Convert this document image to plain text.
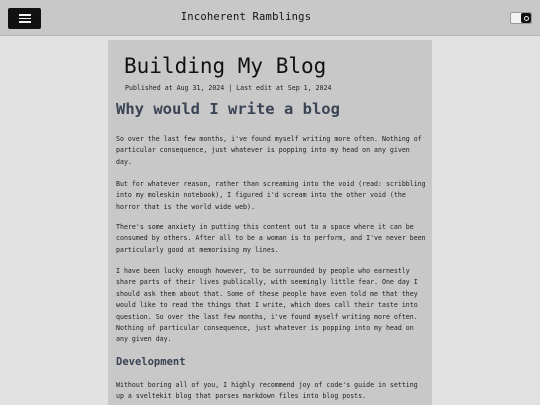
Incoherent Ramblings
Building My Blog
Published at Aug 31, 2024 | Last edit at Sep 1, 2024
Why would I write a blog

So over the last few months, i've found myself writing more often. Nothing of particular consequence, just whatever is popping into my head on any given day.

But for whatever reason, rather than screaming into the void (read: scribbling into my moleskin notebook), I figured i'd scream into the other void (the horror that is the world wide web).

There's some anxiety in putting this content out to a space where it can be consumed by others. After all to be a woman is to perform, and I've never been particularly good at memorising my lines.

I have been lucky enough however, to be surrounded by people who earnestly share parts of their lives publically, with seemingly little fear. One day I should ask them about that. Some of these people have even told me that they would like to read the things that I write, which does call their taste into question. So over the last few months, i've found myself writing more often. Nothing of particular consequence, just whatever is popping into my head on any given day.

Development

Without boring all of you, I highly recommend joy of code's guide in setting up a sveltekit blog that parses markdown files into blog posts.
